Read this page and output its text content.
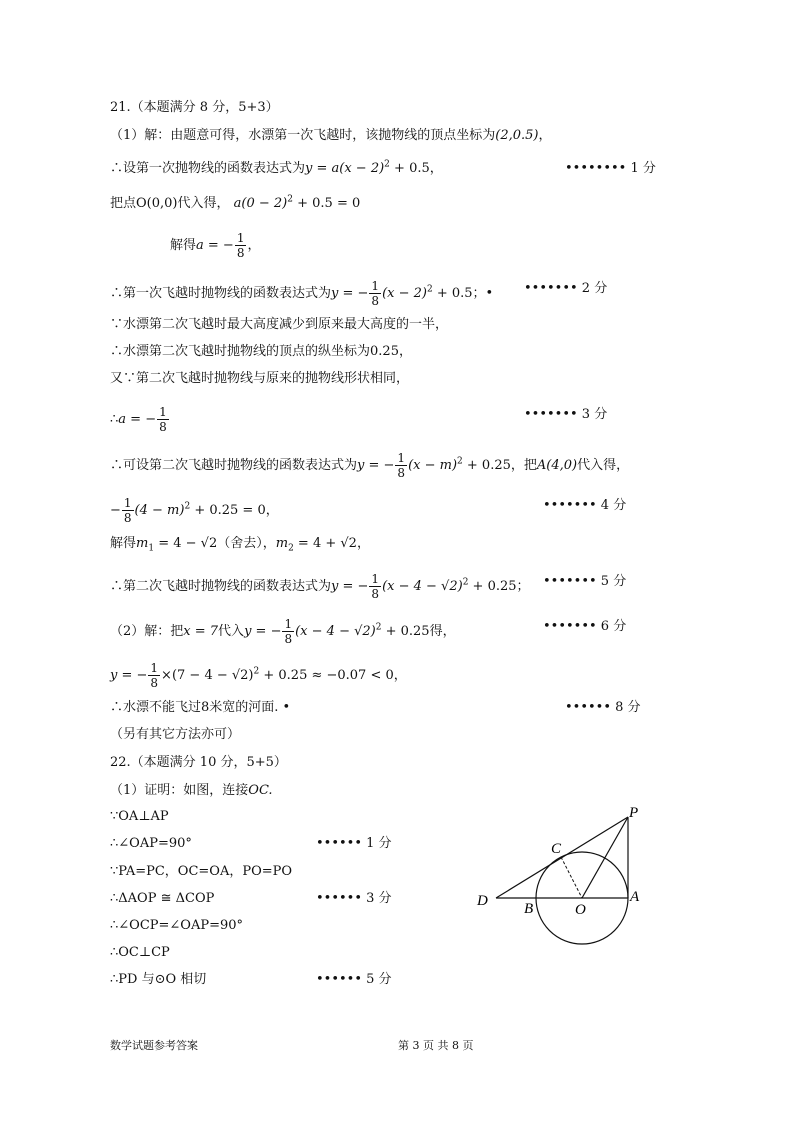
21.（本题满分 8 分，5+3）
（1）解：由题意可得，水漂第一次飞越时，该抛物线的顶点坐标为(2,0.5)，
∴设第一次抛物线的函数表达式为$y = a(x - 2)^2 + 0.5$，	•••••••• 1 分
把点O(0,0)代入得， $a(0 - 2)^2 + 0.5 = 0$
解得a = − $\frac{1}{8}$ ，
∴第一次飞越时抛物线的函数表达式为y = − $\frac{1}{8} (x - 2)^2 + 0.5$；• ••••••• 2 分
∵水漂第二次飞越时最大高度减少到原来最大高度的一半，
∴水漂第二次飞越时抛物线的顶点的纵坐标为0.25，
又∵第二次飞越时抛物线与原来的抛物线形状相同，
∴a = − $\frac{1}{8}$	••••••• 3 分
∴可设第二次飞越时抛物线的函数表达式为y = − $\frac{1}{8} (x - m)^2 + 0.25$，把A(4,0)代入得，
− $\frac{1}{8} (4 - m)^2 + 0.25 = 0$，	••••••• 4 分
解得$m_1 = 4 - √2$（舍去），$m_2 = 4 + √2$，
∴第二次飞越时抛物线的函数表达式为y = − $\frac{1}{8} (x - 4 - √2)^2 + 0.25$； ••••••• 5 分
（2）解：把x = 7代入y = − $\frac{1}{8} (x - 4 - √2)^2 + 0.25$得，	••••••• 6 分
y = − $\frac{1}{8} \times(7 - 4 - √2)^2 + 0.25 \approx -0.07 < 0$，
∴水漂不能飞过8米宽的河面. •	•••••• 8 分
（另有其它方法亦可）
22.（本题满分 10 分，5+5）
（1）证明：如图，连接OC.
∵OA⊥AP
∴∠OAP=90°	•••••• 1 分
∵PA=PC，OC=OA，PO=PO
∴ΔAOP ≅ ΔCOP	•••••• 3 分
∴∠OCP=∠OAP=90°
∴OC⊥CP
∴PD 与⊙O 相切	•••••• 5 分
P
C
D B	O
A
数学试题参考答案	第 3 页 共 8 页
